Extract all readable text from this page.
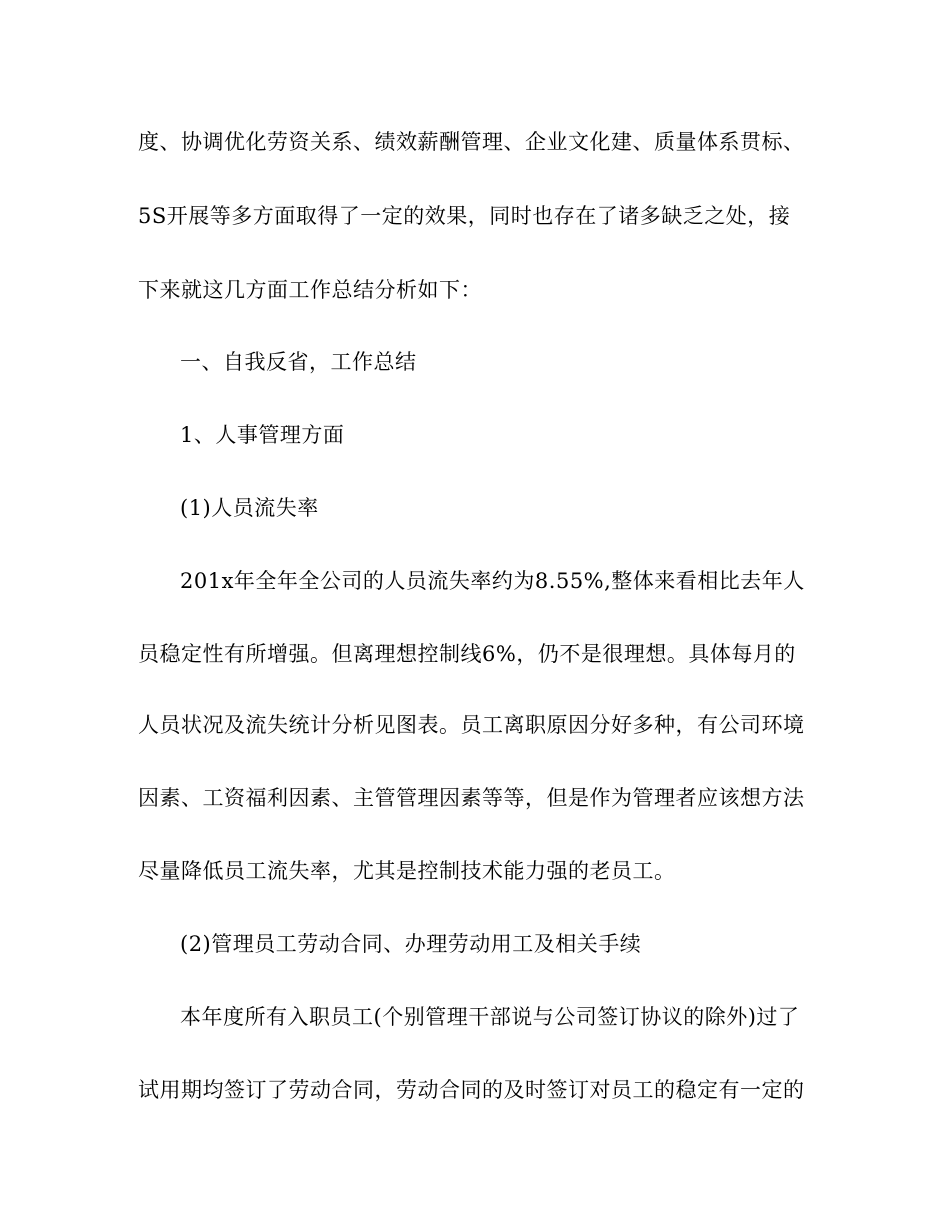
度、协调优化劳资关系、绩效薪酬管理、企业文化建、质量体系贯标、
5S开展等多方面取得了一定的效果，同时也存在了诸多缺乏之处，接
下来就这几方面工作总结分析如下：
一、自我反省，工作总结
1、人事管理方面
(1)人员流失率
201x年全年全公司的人员流失率约为8.55%,整体来看相比去年人
员稳定性有所增强。但离理想控制线6%，仍不是很理想。具体每月的
人员状况及流失统计分析见图表。员工离职原因分好多种，有公司环境
因素、工资福利因素、主管管理因素等等，但是作为管理者应该想方法
尽量降低员工流失率，尤其是控制技术能力强的老员工。
(2)管理员工劳动合同、办理劳动用工及相关手续
本年度所有入职员工(个别管理干部说与公司签订协议的除外)过了
试用期均签订了劳动合同，劳动合同的及时签订对员工的稳定有一定的
